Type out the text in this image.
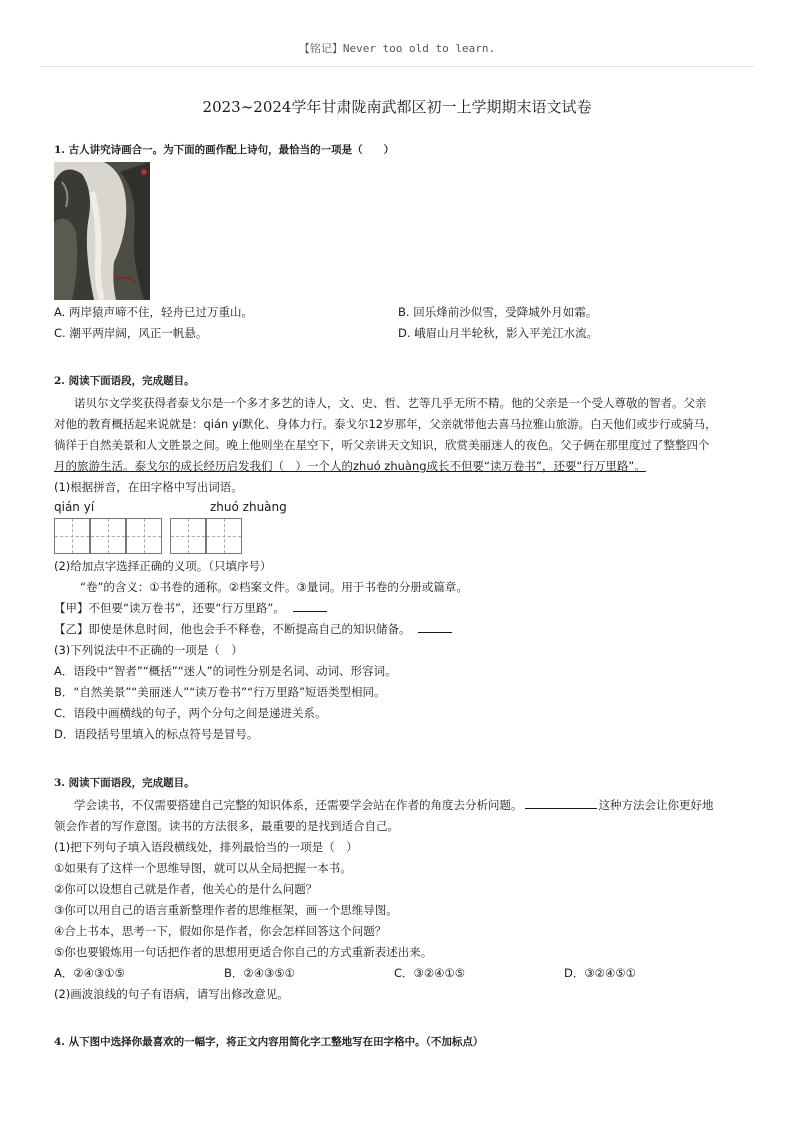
【铭记】Never too old to learn.
2023~2024学年甘肃陇南武都区初一上学期期末语文试卷
1. 古人讲究诗画合一。为下面的画作配上诗句，最恰当的一项是（　　）
A. 两岸猿声啼不住，轻舟已过万重山。	B. 回乐烽前沙似雪，受降城外月如霜。
C. 潮平两岸阔，风正一帆悬。	D. 峨眉山月半轮秋，影入平羌江水流。
2. 阅读下面语段，完成题目。
诺贝尔文学奖获得者泰戈尔是一个多才多艺的诗人，文、史、哲、艺等几乎无所不精。他的父亲是一个受人尊敬的智者。父亲
对他的教育概括起来说就是：qián yí默化、身体力行。泰戈尔12岁那年，父亲就带他去喜马拉雅山旅游。白天他们或步行或骑马，
徜徉于自然美景和人文胜景之间。晚上他则坐在星空下，听父亲讲天文知识，欣赏美丽迷人的夜色。父子俩在那里度过了整整四个
月的旅游生活。泰戈尔的成长经历启发我们（　）一个人的zhuó zhuàng成长不但要“读万卷书”，还要“行万里路”。
(1)根据拼音，在田字格中写出词语。
qián yí	zhuó zhuàng
(2)给加点字选择正确的义项。（只填序号）
“卷”的含义：①书卷的通称。②档案文件。③量词。用于书卷的分册或篇章。
【甲】不但要“读万卷书”，还要“行万里路”。
【乙】即使是休息时间，他也会手不释卷，不断提高自己的知识储备。
(3)下列说法中不正确的一项是（　）
A．语段中“智者”“概括”“迷人”的词性分别是名词、动词、形容词。
B．“自然美景”“美丽迷人”“读万卷书”“行万里路”短语类型相同。
C．语段中画横线的句子，两个分句之间是递进关系。
D．语段括号里填入的标点符号是冒号。
3. 阅读下面语段，完成题目。
学会读书，不仅需要搭建自己完整的知识体系，还需要学会站在作者的角度去分析问题。	这种方法会让你更好地
领会作者的写作意图。读书的方法很多，最重要的是找到适合自己。
(1)把下列句子填入语段横线处，排列最恰当的一项是（　）
①如果有了这样一个思维导图，就可以从全局把握一本书。
②你可以设想自己就是作者，他关心的是什么问题？
③你可以用自己的语言重新整理作者的思维框架，画一个思维导图。
④合上书本，思考一下，假如你是作者，你会怎样回答这个问题？
⑤你也要锻炼用一句话把作者的思想用更适合你自己的方式重新表述出来。
A．②④③①⑤	B．②④③⑤①	C．③②④①⑤	D．③②④⑤①
(2)画波浪线的句子有语病，请写出修改意见。
4. 从下图中选择你最喜欢的一幅字，将正文内容用简化字工整地写在田字格中。（不加标点）
